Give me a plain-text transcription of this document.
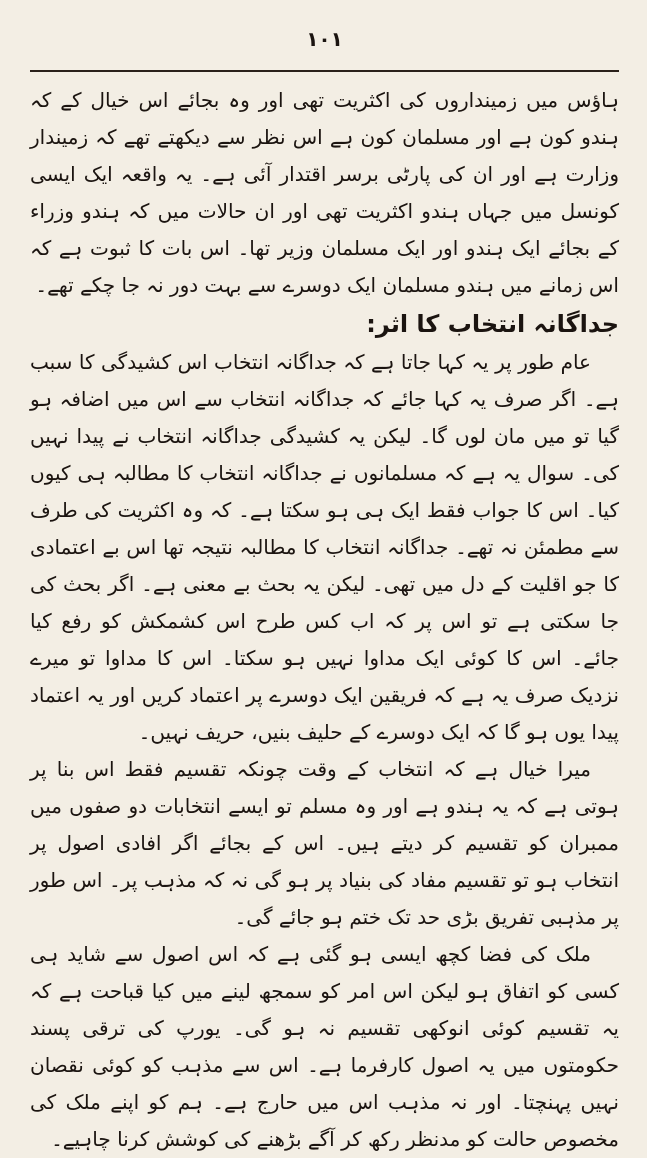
۱۰۱

ہاؤس میں زمینداروں کی اکثریت تھی اور وہ بجائے اس خیال کے کہ ہندو کون ہے اور مسلمان کون ہے اس نظر سے دیکھتے تھے کہ زمیندار وزارت ہے اور ان کی پارٹی برسر اقتدار آئی ہے۔ یہ واقعہ ایک ایسی کونسل میں جہاں ہندو اکثریت تھی اور ان حالات میں کہ ہندو وزراء کے بجائے ایک ہندو اور ایک مسلمان وزیر تھا۔ اس بات کا ثبوت ہے کہ اس زمانے میں ہندو مسلمان ایک دوسرے سے بہت دور نہ جا چکے تھے۔

جداگانہ انتخاب کا اثر:

عام طور پر یہ کہا جاتا ہے کہ جداگانہ انتخاب اس کشیدگی کا سبب ہے۔ اگر صرف یہ کہا جائے کہ جداگانہ انتخاب سے اس میں اضافہ ہو گیا تو میں مان لوں گا۔ لیکن یہ کشیدگی جداگانہ انتخاب نے پیدا نہیں کی۔ سوال یہ ہے کہ مسلمانوں نے جداگانہ انتخاب کا مطالبہ ہی کیوں کیا۔ اس کا جواب فقط ایک ہی ہو سکتا ہے۔ کہ وہ اکثریت کی طرف سے مطمئن نہ تھے۔ جداگانہ انتخاب کا مطالبہ نتیجہ تھا اس بے اعتمادی کا جو اقلیت کے دل میں تھی۔ لیکن یہ بحث بے معنی ہے۔ اگر بحث کی جا سکتی ہے تو اس پر کہ اب کس طرح اس کشمکش کو رفع کیا جائے۔ اس کا کوئی ایک مداوا نہیں ہو سکتا۔ اس کا مداوا تو میرے نزدیک صرف یہ ہے کہ فریقین ایک دوسرے پر اعتماد کریں اور یہ اعتماد پیدا یوں ہو گا کہ ایک دوسرے کے حلیف بنیں، حریف نہیں۔

میرا خیال ہے کہ انتخاب کے وقت چونکہ تقسیم فقط اس بنا پر ہوتی ہے کہ یہ ہندو ہے اور وہ مسلم تو ایسے انتخابات دو صفوں میں ممبران کو تقسیم کر دیتے ہیں۔ اس کے بجائے اگر افادی اصول پر انتخاب ہو تو تقسیم مفاد کی بنیاد پر ہو گی نہ کہ مذہب پر۔ اس طور پر مذہبی تفریق بڑی حد تک ختم ہو جائے گی۔

ملک کی فضا کچھ ایسی ہو گئی ہے کہ اس اصول سے شاید ہی کسی کو اتفاق ہو لیکن اس امر کو سمجھ لینے میں کیا قباحت ہے کہ یہ تقسیم کوئی انوکھی تقسیم نہ ہو گی۔ یورپ کی ترقی پسند حکومتوں میں یہ اصول کارفرما ہے۔ اس سے مذہب کو کوئی نقصان نہیں پہنچتا۔ اور نہ مذہب اس میں حارج ہے۔ ہم کو اپنے ملک کی مخصوص حالت کو مدنظر رکھ کر آگے بڑھنے کی کوشش کرنا چاہیے۔
